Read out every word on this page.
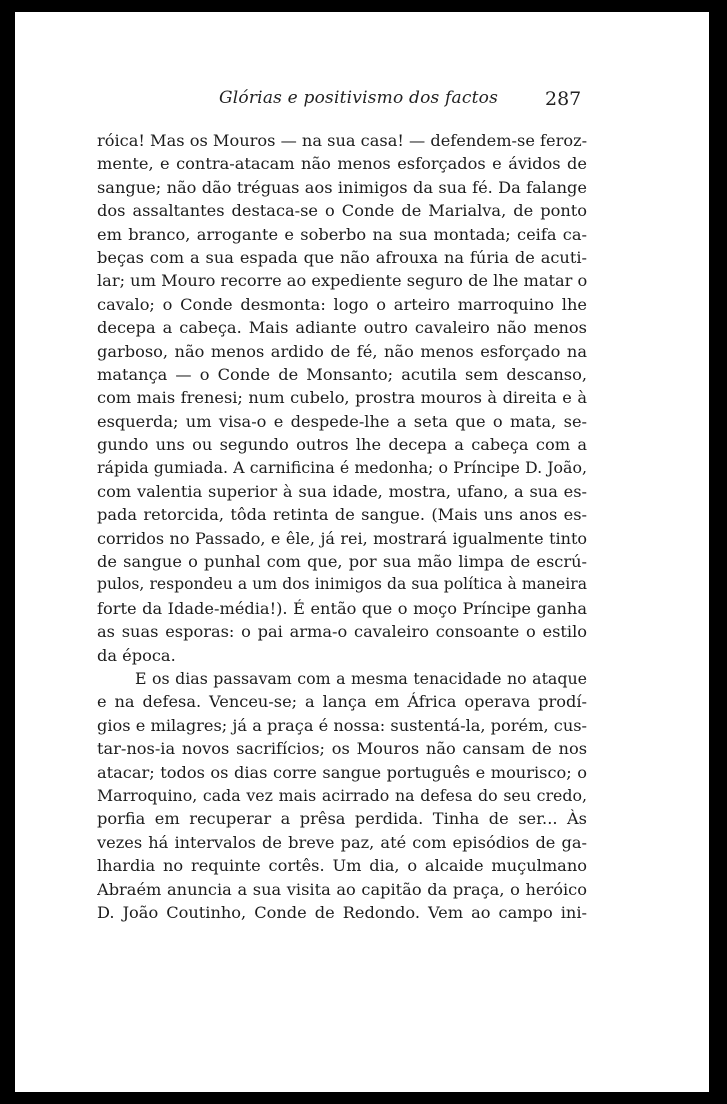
Glórias e positivismo dos factos 287
róica! Mas os Mouros — na sua casa! — defendem-se feroz-
mente, e contra-atacam não menos esforçados e ávidos de
sangue; não dão tréguas aos inimigos da sua fé. Da falange
dos assaltantes destaca-se o Conde de Marialva, de ponto
em branco, arrogante e soberbo na sua montada; ceifa ca-
beças com a sua espada que não afrouxa na fúria de acuti-
lar; um Mouro recorre ao expediente seguro de lhe matar o
cavalo; o Conde desmonta: logo o arteiro marroquino lhe
decepa a cabeça. Mais adiante outro cavaleiro não menos
garboso, não menos ardido de fé, não menos esforçado na
matança — o Conde de Monsanto; acutila sem descanso,
com mais frenesi; num cubelo, prostra mouros à direita e à
esquerda; um visa-o e despede-lhe a seta que o mata, se-
gundo uns ou segundo outros lhe decepa a cabeça com a
rápida gumiada. A carnificina é medonha; o Príncipe D. João,
com valentia superior à sua idade, mostra, ufano, a sua es-
pada retorcida, tôda retinta de sangue. (Mais uns anos es-
corridos no Passado, e êle, já rei, mostrará igualmente tinto
de sangue o punhal com que, por sua mão limpa de escrú-
pulos, respondeu a um dos inimigos da sua política à maneira
forte da Idade-média!). É então que o moço Príncipe ganha
as suas esporas: o pai arma-o cavaleiro consoante o estilo
da época.
E os dias passavam com a mesma tenacidade no ataque
e na defesa. Venceu-se; a lança em África operava prodí-
gios e milagres; já a praça é nossa: sustentá-la, porém, cus-
tar-nos-ia novos sacrifícios; os Mouros não cansam de nos
atacar; todos os dias corre sangue português e mourisco; o
Marroquino, cada vez mais acirrado na defesa do seu credo,
porfia em recuperar a prêsa perdida. Tinha de ser... Às
vezes há intervalos de breve paz, até com episódios de ga-
lhardia no requinte cortês. Um dia, o alcaide muçulmano
Abraém anuncia a sua visita ao capitão da praça, o heróico
D. João Coutinho, Conde de Redondo. Vem ao campo ini-
